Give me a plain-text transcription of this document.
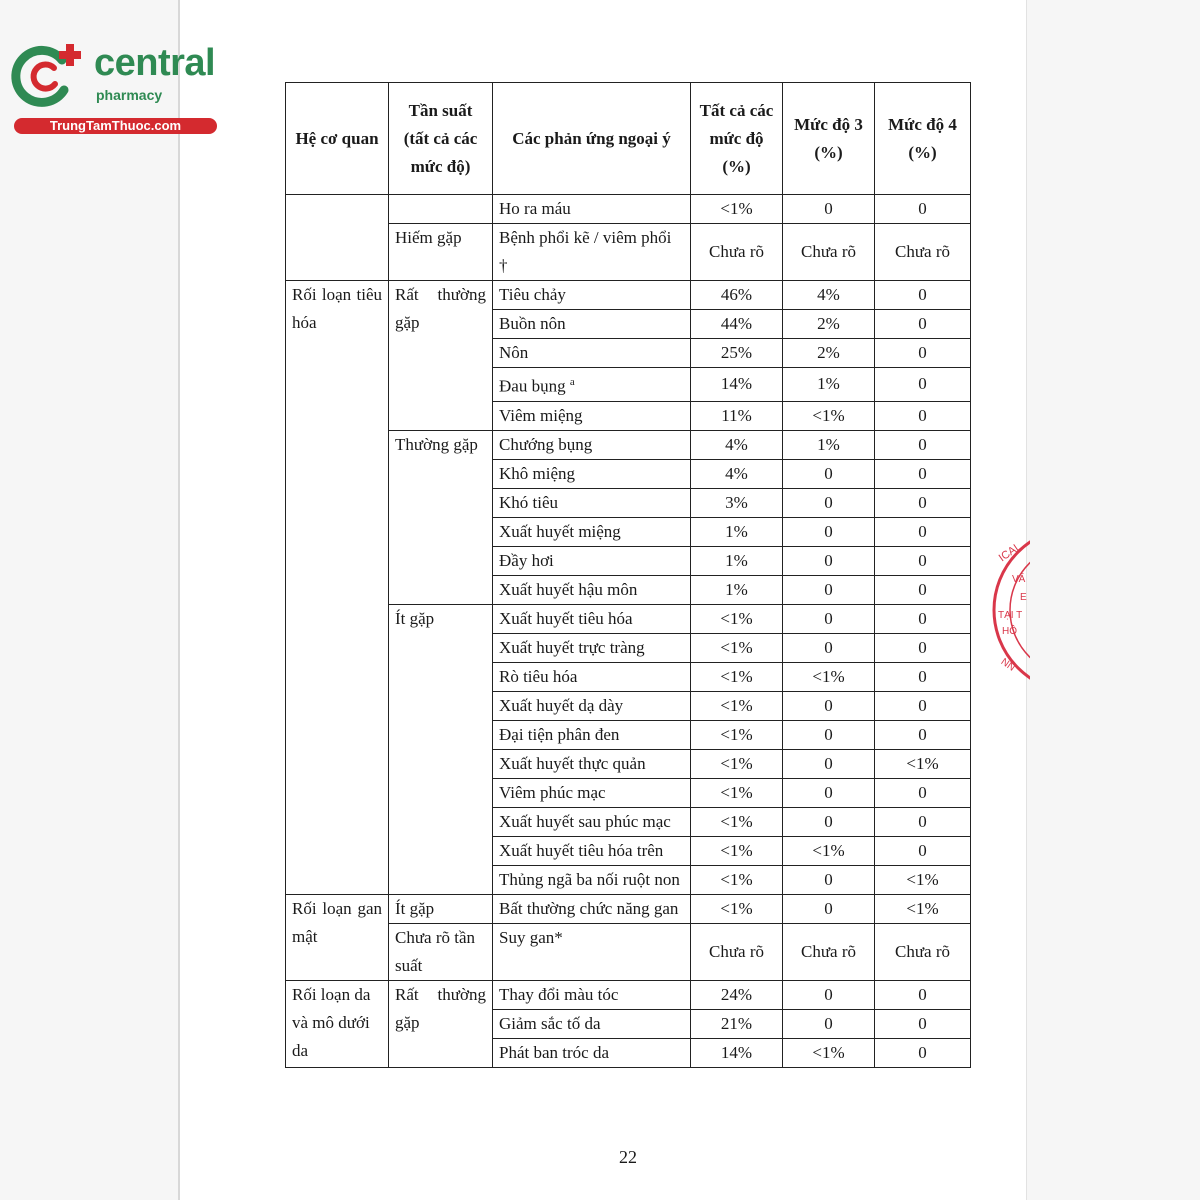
central
pharmacy
TrungTamThuoc.com
Hệ cơ quan	Tần suất (tất cả các mức độ)	Các phản ứng ngoại ý	Tất cả các mức độ (%)	Mức độ 3 (%)	Mức độ 4 (%)
		Ho ra máu	<1%	0	0
	Hiếm gặp	Bệnh phổi kẽ / viêm phổi †	Chưa rõ	Chưa rõ	Chưa rõ
Rối loạn tiêu hóa	Rất thường gặp	Tiêu chảy	46%	4%	0
		Buồn nôn	44%	2%	0
		Nôn	25%	2%	0
		Đau bụng $^a$	14%	1%	0
		Viêm miệng	11%	<1%	0
	Thường gặp	Chướng bụng	4%	1%	0
		Khô miệng	4%	0	0
		Khó tiêu	3%	0	0
		Xuất huyết miệng	1%	0	0
		Đầy hơi	1%	0	0
		Xuất huyết hậu môn	1%	0	0
	Ít gặp	Xuất huyết tiêu hóa	<1%	0	0
		Xuất huyết trực tràng	<1%	0	0
		Rò tiêu hóa	<1%	<1%	0
		Xuất huyết dạ dày	<1%	0	0
		Đại tiện phân đen	<1%	0	0
		Xuất huyết thực quản	<1%	0	<1%
		Viêm phúc mạc	<1%	0	0
		Xuất huyết sau phúc mạc	<1%	0	0
		Xuất huyết tiêu hóa trên	<1%	<1%	0
		Thủng ngã ba nối ruột non	<1%	0	<1%
Rối loạn gan mật	Ít gặp	Bất thường chức năng gan	<1%	0	<1%
	Chưa rõ tần suất	Suy gan*	Chưa rõ	Chưa rõ	Chưa rõ
Rối loạn da và mô dưới da	Rất thường gặp	Thay đổi màu tóc	24%	0	0
		Giảm sắc tố da	21%	0	0
		Phát ban tróc da	14%	<1%	0
ICAL
VĂ
E
TẠI T
HỒ
NN
22
